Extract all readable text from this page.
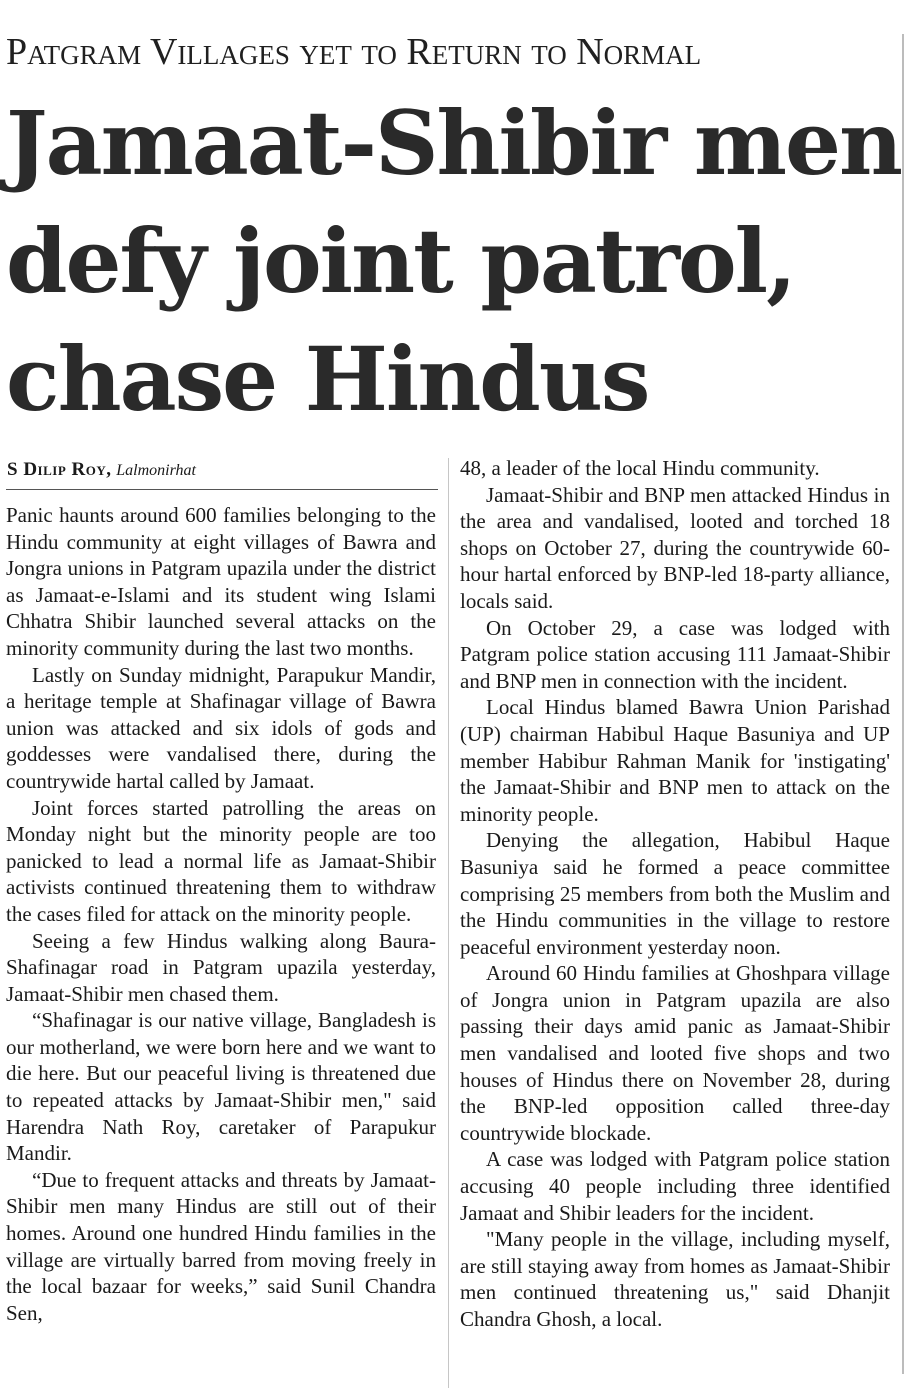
Patgram Villages yet to Return to Normal
Jamaat-Shibir men
defy joint patrol,
chase Hindus
S Dilip Roy, Lalmonirhat

Panic haunts around 600 families belonging to the Hindu community at eight villages of Bawra and Jongra unions in Patgram upazila under the district as Jamaat-e-Islami and its student wing Islami Chhatra Shibir launched several attacks on the minority community during the last two months.

Lastly on Sunday midnight, Parapukur Mandir, a heritage temple at Shafinagar village of Bawra union was attacked and six idols of gods and goddesses were vandalised there, during the countrywide hartal called by Jamaat.

Joint forces started patrolling the areas on Monday night but the minority people are too panicked to lead a normal life as Jamaat-Shibir activists continued threatening them to withdraw the cases filed for attack on the minority people.

Seeing a few Hindus walking along Baura-Shafinagar road in Patgram upazila yesterday, Jamaat-Shibir men chased them.

“Shafinagar is our native village, Bangladesh is our motherland, we were born here and we want to die here. But our peaceful living is threatened due to repeated attacks by Jamaat-Shibir men," said Harendra Nath Roy, caretaker of Parapukur Mandir.

“Due to frequent attacks and threats by Jamaat-Shibir men many Hindus are still out of their homes. Around one hundred Hindu families in the village are virtually barred from moving freely in the local bazaar for weeks,” said Sunil Chandra Sen,

48, a leader of the local Hindu community.

Jamaat-Shibir and BNP men attacked Hindus in the area and vandalised, looted and torched 18 shops on October 27, during the countrywide 60-hour hartal enforced by BNP-led 18-party alliance, locals said.

On October 29, a case was lodged with Patgram police station accusing 111 Jamaat-Shibir and BNP men in connection with the incident.

Local Hindus blamed Bawra Union Parishad (UP) chairman Habibul Haque Basuniya and UP member Habibur Rahman Manik for 'instigating' the Jamaat-Shibir and BNP men to attack on the minority people.

Denying the allegation, Habibul Haque Basuniya said he formed a peace committee comprising 25 members from both the Muslim and the Hindu communities in the village to restore peaceful environment yesterday noon.

Around 60 Hindu families at Ghoshpara village of Jongra union in Patgram upazila are also passing their days amid panic as Jamaat-Shibir men vandalised and looted five shops and two houses of Hindus there on November 28, during the BNP-led opposition called three-day countrywide blockade.

A case was lodged with Patgram police station accusing 40 people including three identified Jamaat and Shibir leaders for the incident.

"Many people in the village, including myself, are still staying away from homes as Jamaat-Shibir men continued threatening us," said Dhanjit Chandra Ghosh, a local.
